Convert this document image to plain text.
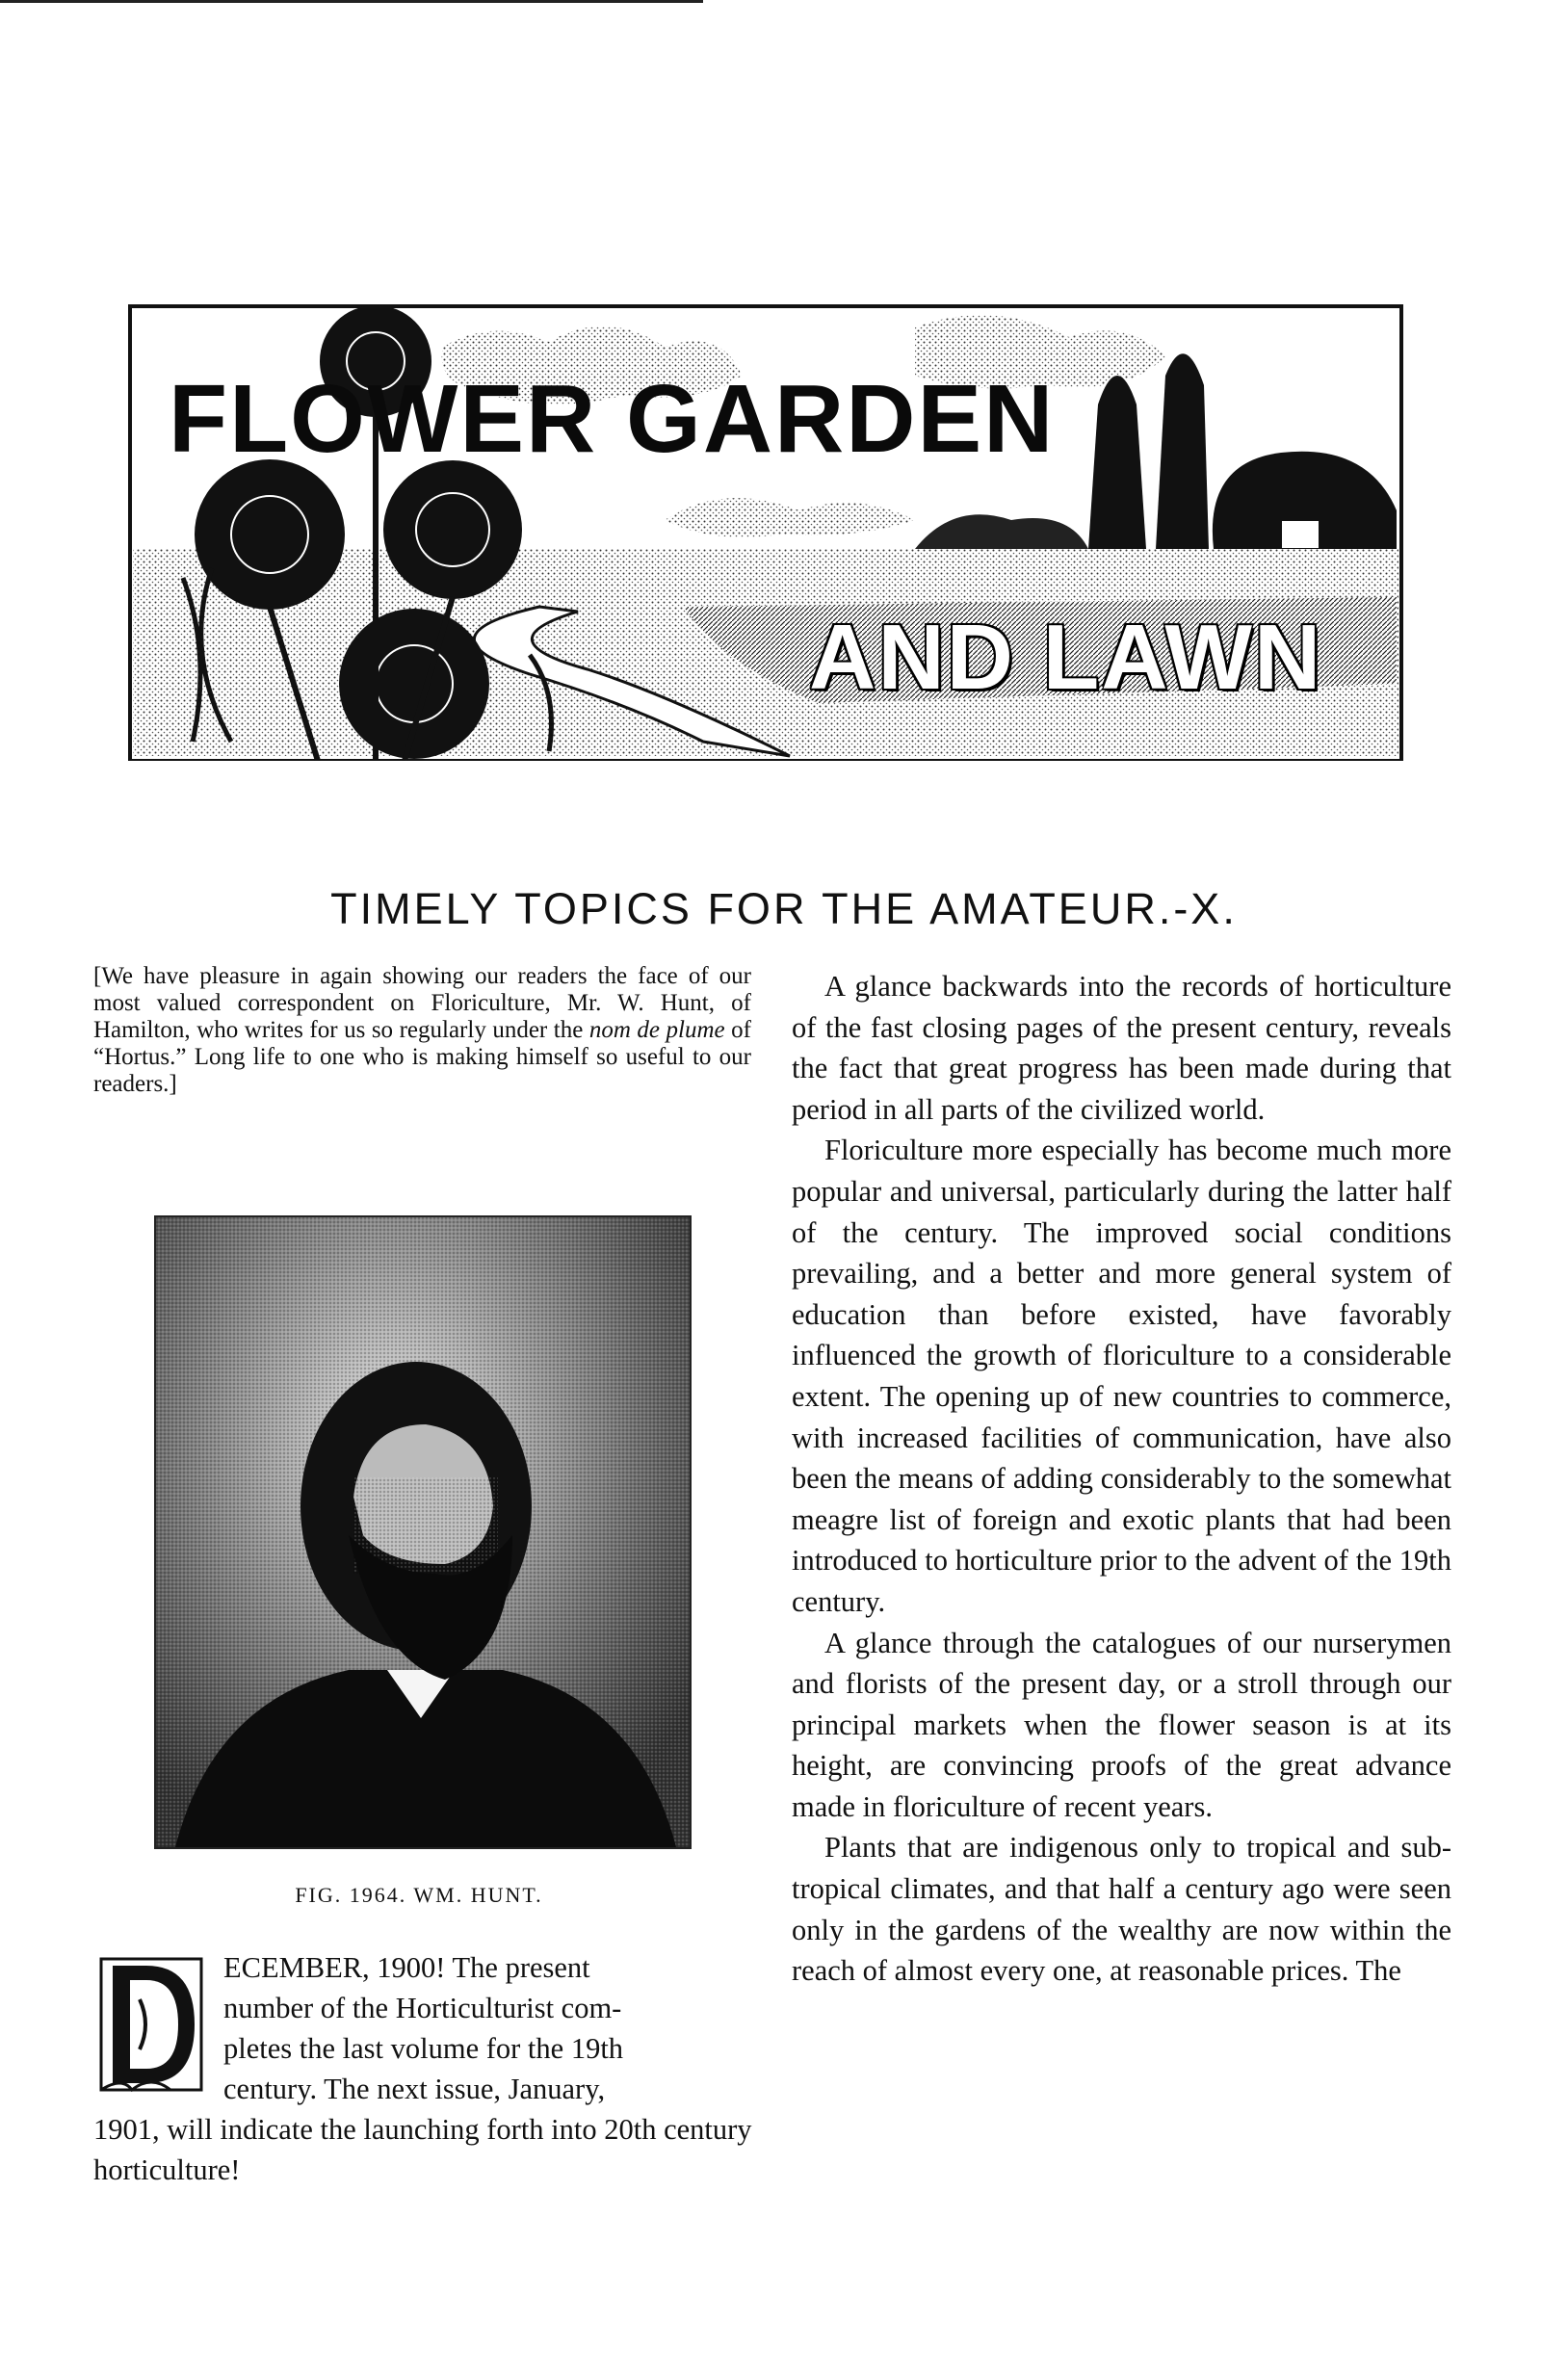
FLOWER GARDEN
AND LAWN
TIMELY TOPICS FOR THE AMATEUR.-X.
[We have pleasure in again showing our readers the face of our most valued correspondent on Floriculture, Mr. W. Hunt, of Hamilton, who writes for us so regularly under the nom de plume of “Hortus.” Long life to one who is making himself so useful to our readers.]
FIG. 1964. WM. HUNT.
ECEMBER, 1900! The present
number of the Horticulturist com-
pletes the last volume for the 19th
century. The next issue, January,
1901, will indicate the launching forth into 20th century horticulture!

A glance backwards into the records of horticulture of the fast closing pages of the present century, reveals the fact that great progress has been made during that period in all parts of the civilized world.

Floriculture more especially has become much more popular and universal, particularly during the latter half of the century. The improved social conditions prevailing, and a better and more general system of education than before existed, have favorably influenced the growth of floriculture to a considerable extent. The opening up of new countries to commerce, with increased facilities of communication, have also been the means of adding considerably to the somewhat meagre list of foreign and exotic plants that had been introduced to horticulture prior to the advent of the 19th century.

A glance through the catalogues of our nurserymen and florists of the present day, or a stroll through our principal markets when the flower season is at its height, are convincing proofs of the great advance made in floriculture of recent years.

Plants that are indigenous only to tropical and sub-tropical climates, and that half a century ago were seen only in the gardens of the wealthy are now within the reach of almost every one, at reasonable prices. The
